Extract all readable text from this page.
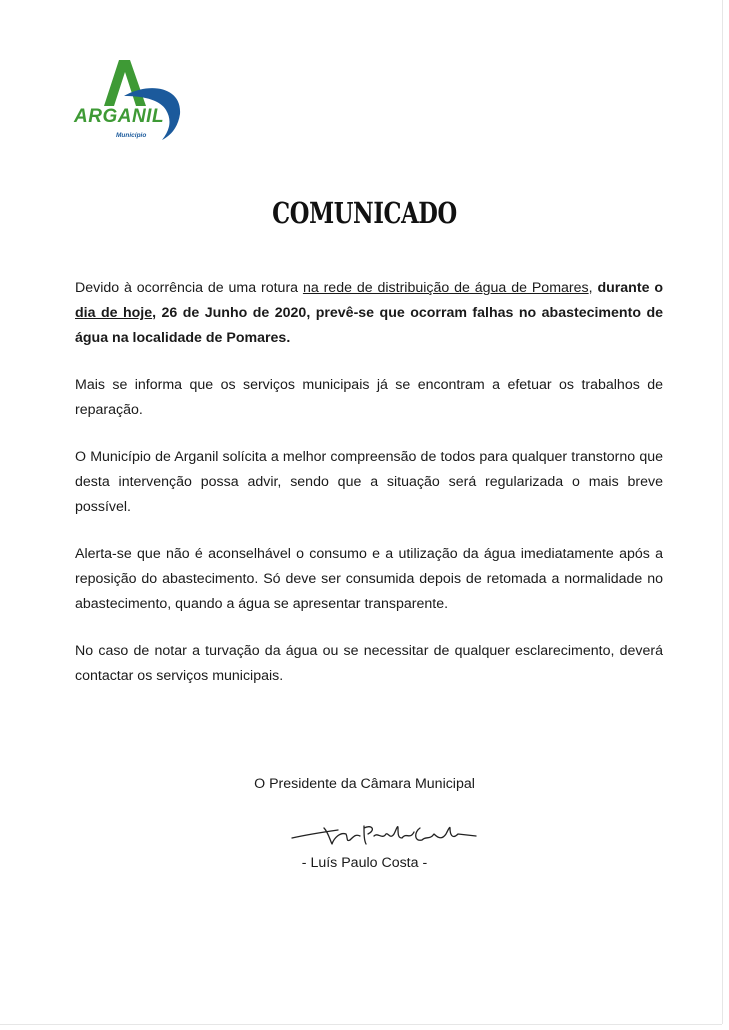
ARGANIL
Município
COMUNICADO

Devido à ocorrência de uma rotura na rede de distribuição de água de Pomares, durante o dia de hoje, 26 de Junho de 2020, prevê-se que ocorram falhas no abastecimento de água na localidade de Pomares.

Mais se informa que os serviços municipais já se encontram a efetuar os trabalhos de reparação.

O Município de Arganil solícita a melhor compreensão de todos para qualquer transtorno que desta intervenção possa advir, sendo que a situação será regularizada o mais breve possível.

Alerta-se que não é aconselhável o consumo e a utilização da água imediatamente após a reposição do abastecimento. Só deve ser consumida depois de retomada a normalidade no abastecimento, quando a água se apresentar transparente.

No caso de notar a turvação da água ou se necessitar de qualquer esclarecimento, deverá contactar os serviços municipais.

O Presidente da Câmara Municipal
- Luís Paulo Costa -
